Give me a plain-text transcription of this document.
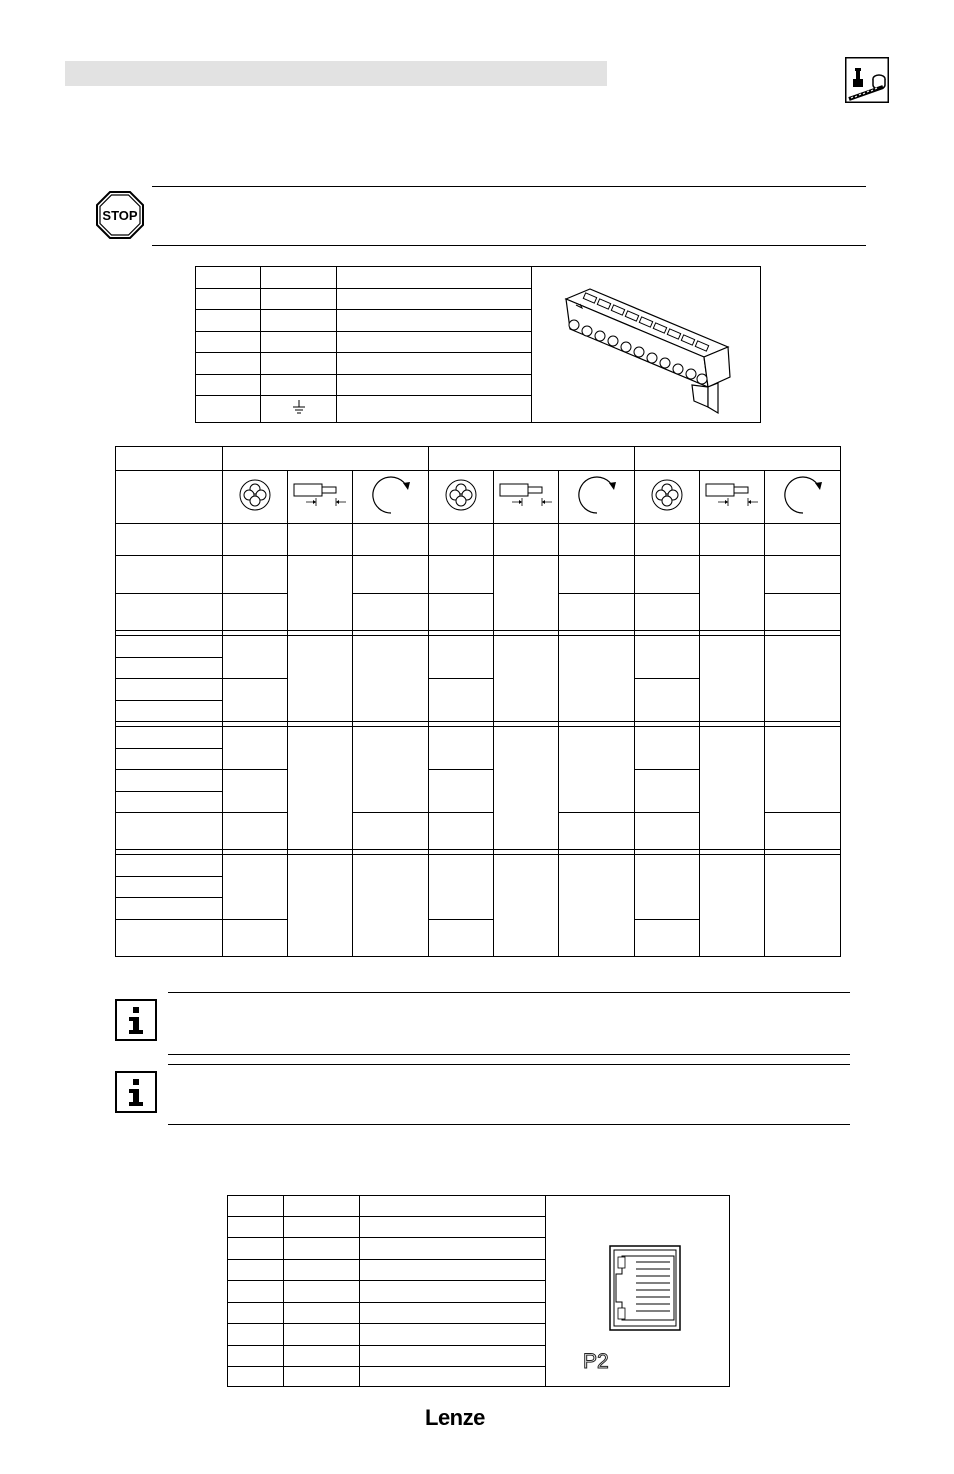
STOP

P2
Lenze
